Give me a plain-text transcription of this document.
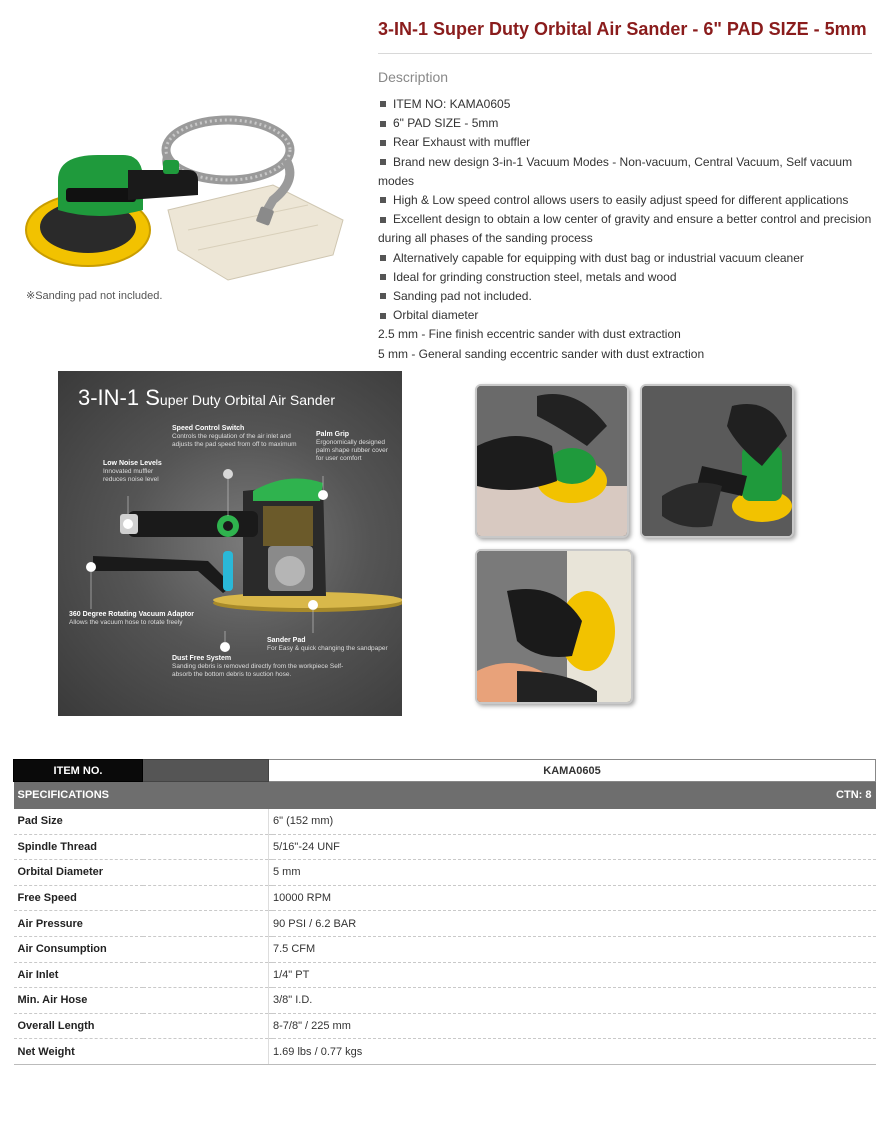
※Sanding pad not included.
3-IN-1 Super Duty Orbital Air Sander - 6" PAD SIZE - 5mm
Description
ITEM NO: KAMA0605
6" PAD SIZE - 5mm
Rear Exhaust with muffler
Brand new design 3-in-1 Vacuum Modes - Non-vacuum, Central Vacuum, Self vacuum modes
High & Low speed control allows users to easily adjust speed for different applications
Excellent design to obtain a low center of gravity and ensure a better control and precision during all phases of the sanding process
Alternatively capable for equipping with dust bag or industrial vacuum cleaner
Ideal for grinding construction steel, metals and wood
Sanding pad not included.
Orbital diameter
2.5 mm - Fine finish eccentric sander with dust extraction
5 mm - General sanding eccentric sander with dust extraction
3-IN-1 Super Duty Orbital Air Sander
Speed Control Switch
Controls the regulation of the air inlet and adjusts the pad speed from off to maximum
Palm Grip
Ergonomically designed palm shape rubber cover for user comfort
Low Noise Levels
Innovated muffler reduces noise level
360 Degree Rotating Vacuum Adaptor
Allows the vacuum hose to rotate freely
Sander Pad
For Easy & quick changing the sandpaper
Dust Free System
Sanding debris is removed directly from the workpiece Self-absorb the bottom debris to suction hose.
ITEM NO.		KAMA0605
SPECIFICATIONS		CTN: 8
Pad Size		6" (152 mm)
Spindle Thread		5/16"-24 UNF
Orbital Diameter		5 mm
Free Speed		10000 RPM
Air Pressure		90 PSI / 6.2 BAR
Air Consumption		7.5 CFM
Air Inlet		1/4" PT
Min. Air Hose		3/8" I.D.
Overall Length		8-7/8" / 225 mm
Net Weight		1.69 lbs / 0.77 kgs
